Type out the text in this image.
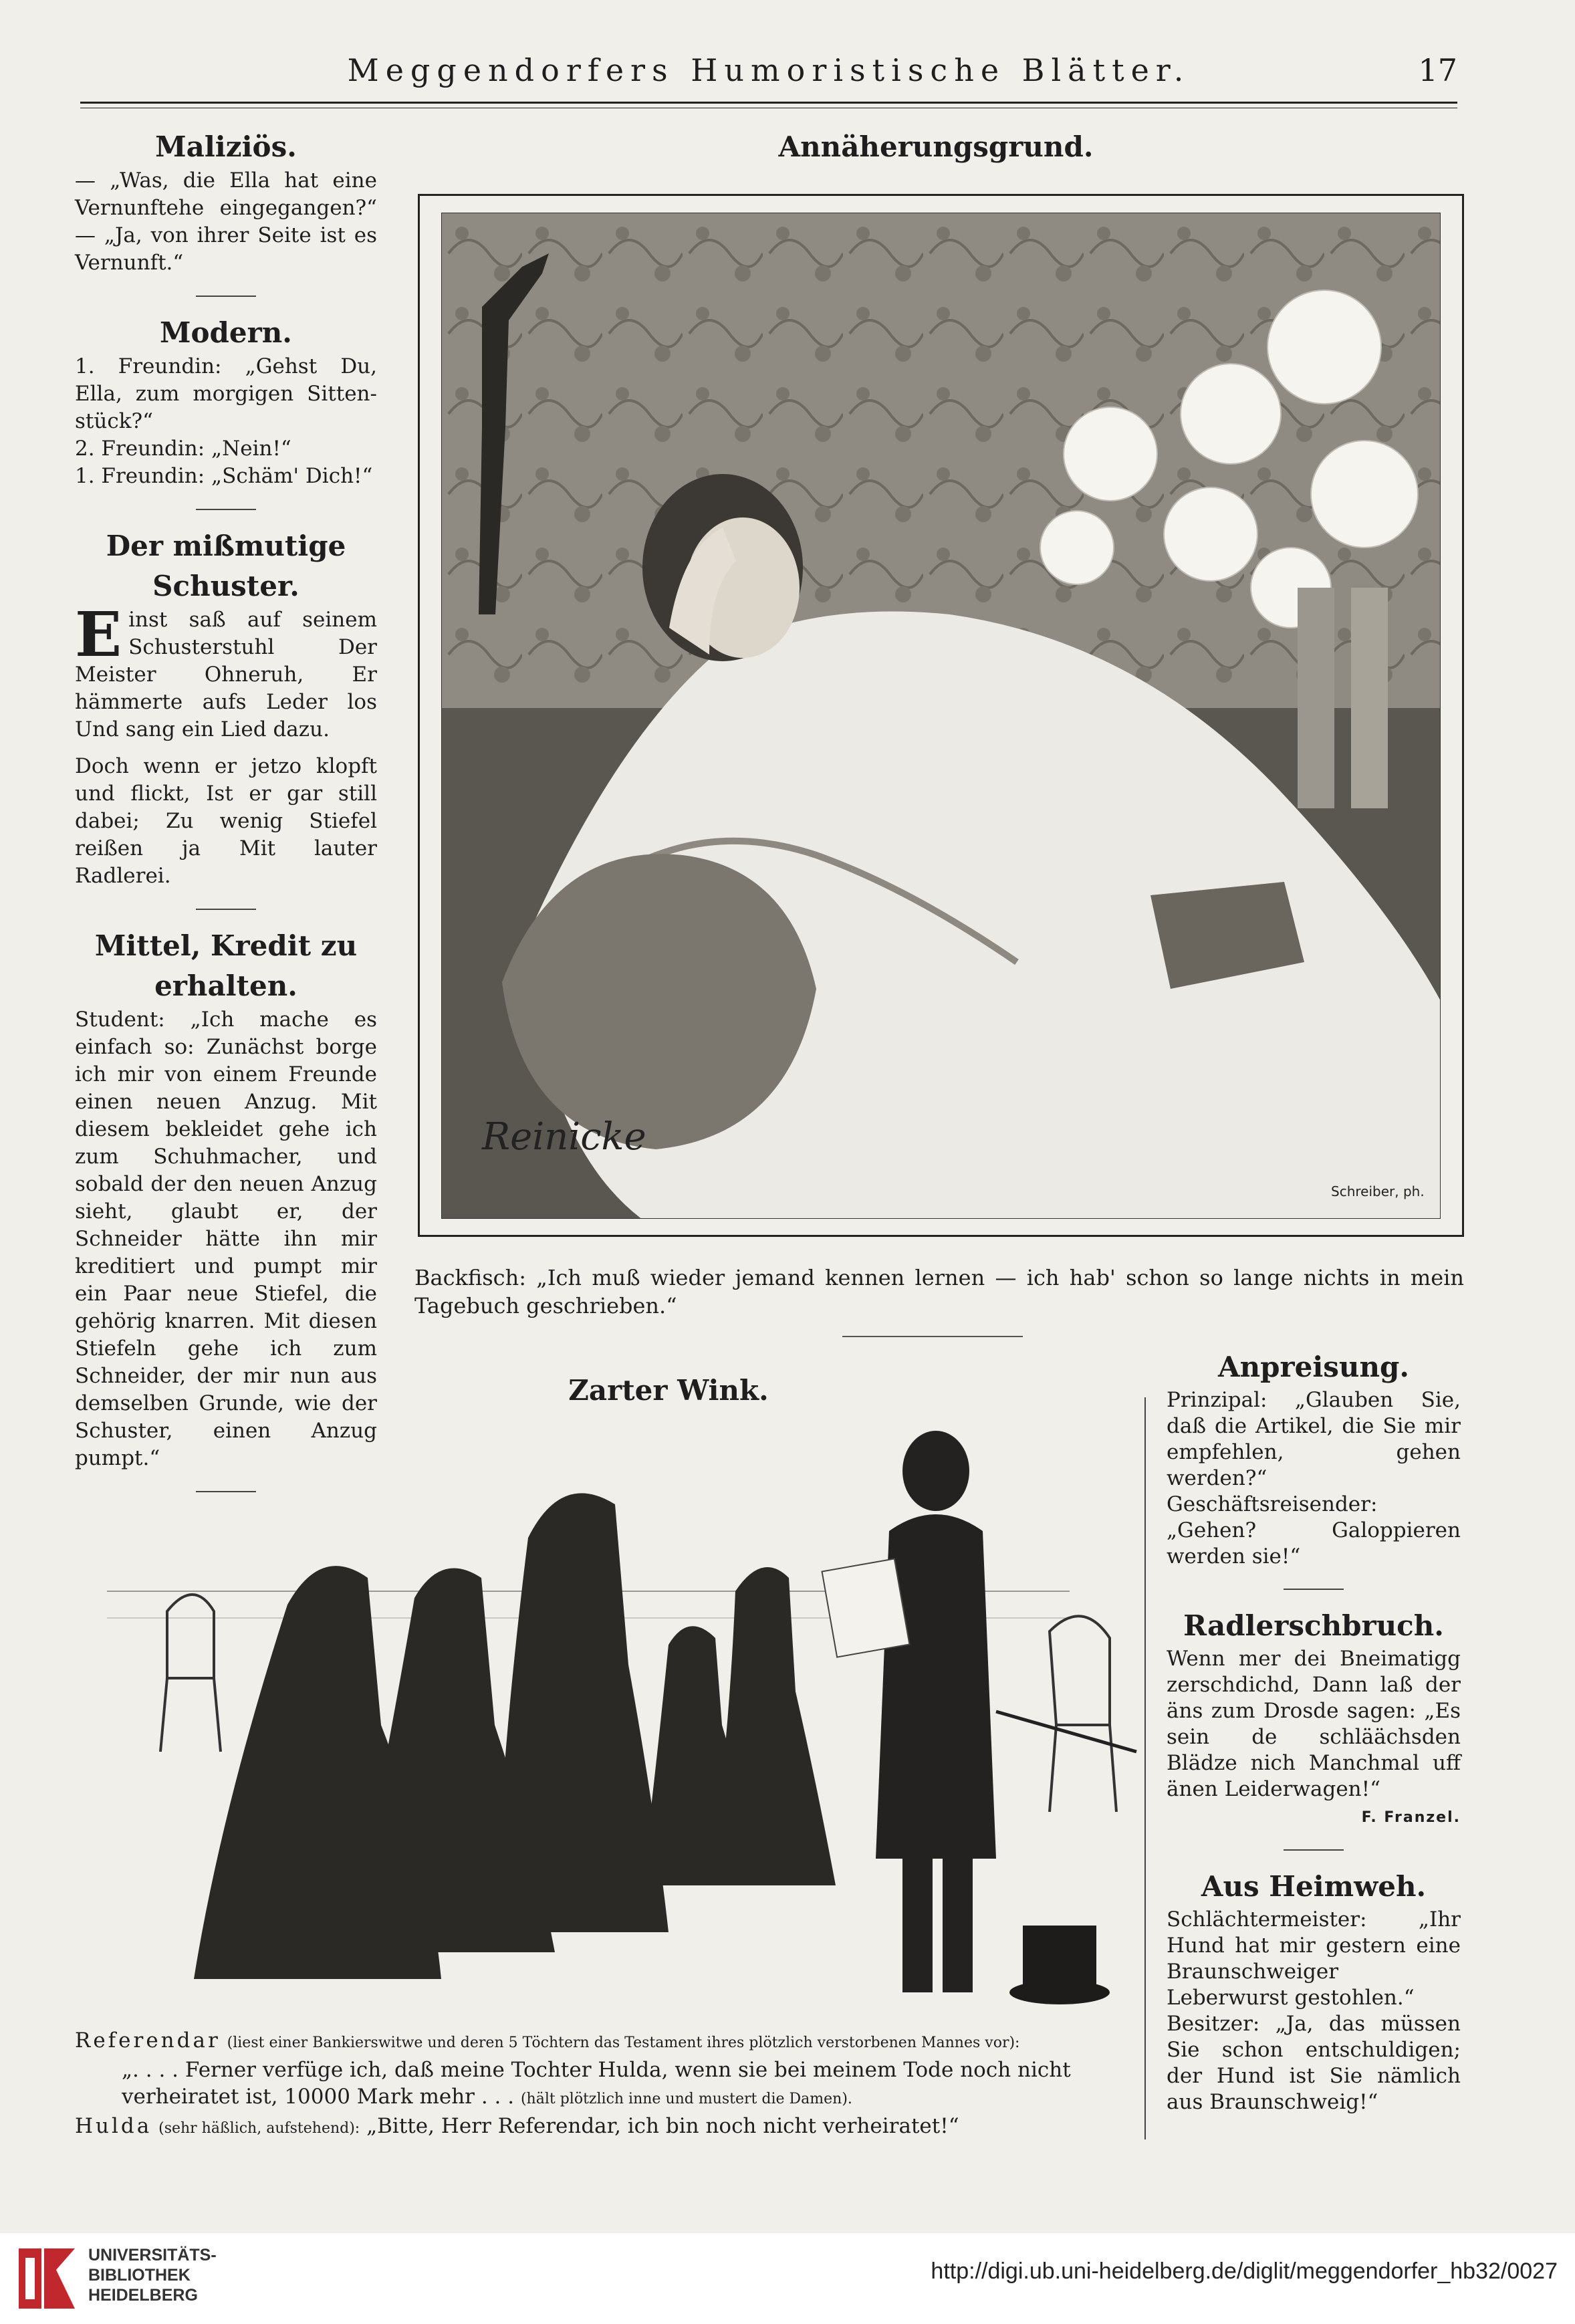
Meggendorfers Humoristische Blätter.	17
Maliziös.

— „Was, die Ella hat eine Vernunftehe eingegangen?“ — „Ja, von ihrer Seite ist es Vernunft.“

Modern.

1. Freundin: „Gehst Du, Ella, zum morgigen Sittenstück?“

2. Freundin: „Nein!“

1. Freundin: „Schäm' Dich!“

Der mißmutige Schuster.

Einst saß auf seinem Schusterstuhl Der Meister Ohneruh, Er hämmerte aufs Leder los Und sang ein Lied dazu.

Doch wenn er jetzo klopft und flickt, Ist er gar still dabei; Zu wenig Stiefel reißen ja Mit lauter Radlerei.

Mittel, Kredit zu erhalten.

Student: „Ich mache es einfach so: Zunächst borge ich mir von einem Freunde einen neuen Anzug. Mit diesem bekleidet gehe ich zum Schuhmacher, und sobald der den neuen Anzug sieht, glaubt er, der Schneider hätte ihn mir kreditiert und pumpt mir ein Paar neue Stiefel, die gehörig knarren. Mit diesen Stiefeln gehe ich zum Schneider, der mir nun aus demselben Grunde, wie der Schuster, einen Anzug pumpt.“

Annäherungsgrund.
Reinicke
Schreiber, ph.
Backfisch: „Ich muß wieder jemand kennen lernen — ich hab' schon so lange nichts in mein Tagebuch geschrieben.“
Zarter Wink.
Referendar (liest einer Bankierswitwe und deren 5 Töchtern das Testament ihres plötzlich verstorbenen Mannes vor):
„. . . . Ferner verfüge ich, daß meine Tochter Hulda, wenn sie bei meinem Tode noch nicht verheiratet ist, 10000 Mark mehr . . . (hält plötzlich inne und mustert die Damen).
Hulda (sehr häßlich, aufstehend): „Bitte, Herr Referendar, ich bin noch nicht verheiratet!“
Anpreisung.

Prinzipal: „Glauben Sie, daß die Artikel, die Sie mir empfehlen, gehen werden?“

Geschäftsreisender: „Gehen? Galoppieren werden sie!“

Radlerschbruch.

Wenn mer dei Bneimatigg zerschdichd, Dann laß der äns zum Drosde sagen: „Es sein de schläächsden Blädze nich Manchmal uff änen Leiderwagen!“

F. Franzel.

Aus Heimweh.

Schlächtermeister: „Ihr Hund hat mir gestern eine Braunschweiger Leberwurst gestohlen.“

Besitzer: „Ja, das müssen Sie schon entschuldigen; der Hund ist Sie nämlich aus Braunschweig!“

UNIVERSITÄTS-
BIBLIOTHEK
HEIDELBERG
http://digi.ub.uni-heidelberg.de/diglit/meggendorfer_hb32/0027
